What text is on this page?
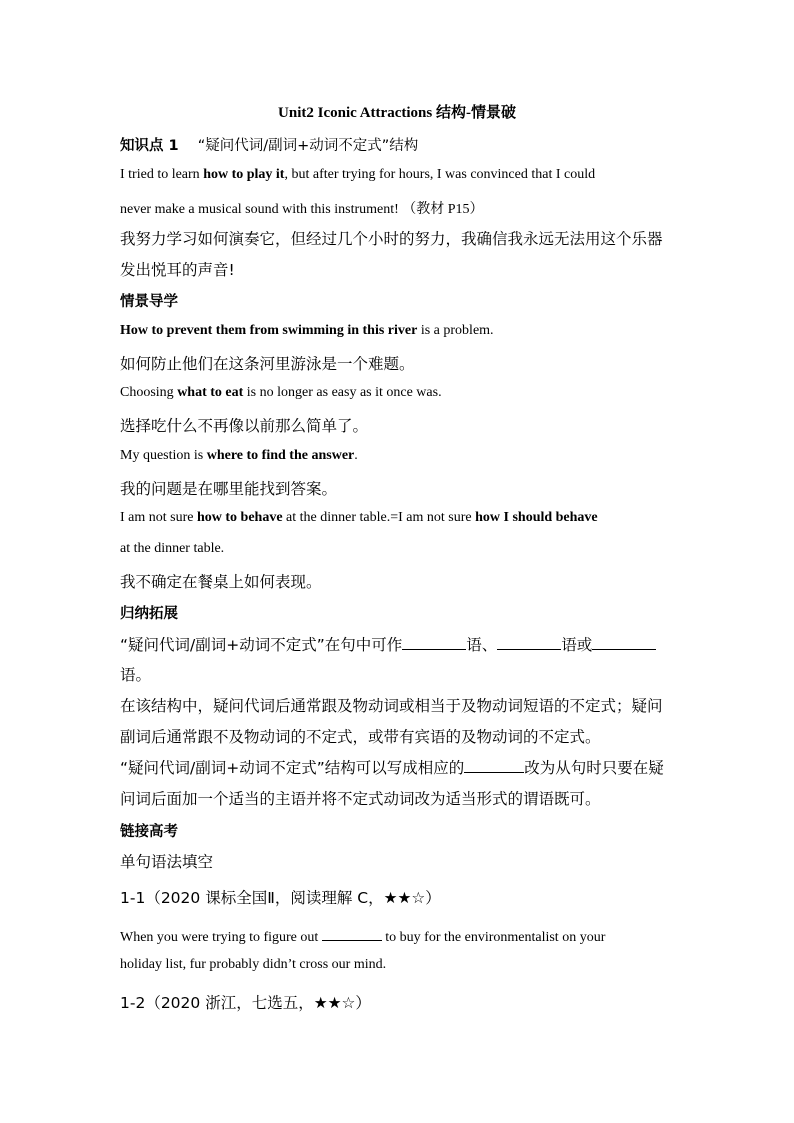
Unit2 Iconic Attractions 结构-情景破
知识点 1 “疑问代词/副词+动词不定式”结构
I tried to learn how to play it, but after trying for hours, I was convinced that I could
never make a musical sound with this instrument! （教材 P15）
我努力学习如何演奏它，但经过几个小时的努力，我确信我永远无法用这个乐器
发出悦耳的声音!
情景导学
How to prevent them from swimming in this river is a problem.
如何防止他们在这条河里游泳是一个难题。
Choosing what to eat is no longer as easy as it once was.
选择吃什么不再像以前那么简单了。
My question is where to find the answer.
我的问题是在哪里能找到答案。
I am not sure how to behave at the dinner table.=I am not sure how I should behave
at the dinner table.
我不确定在餐桌上如何表现。
归纳拓展
“疑问代词/副词+动词不定式”在句中可作	语、	语或
语。
在该结构中，疑问代词后通常跟及物动词或相当于及物动词短语的不定式；疑问
副词后通常跟不及物动词的不定式，或带有宾语的及物动词的不定式。
“疑问代词/副词+动词不定式”结构可以写成相应的	改为从句时只要在疑
问词后面加一个适当的主语并将不定式动词改为适当形式的谓语既可。
链接高考
单句语法填空
1-1（2020 课标全国Ⅱ，阅读理解 C，★★☆）
When you were trying to figure out	to buy for the environmentalist on your
holiday list, fur probably didn’t cross our mind.
1-2（2020 浙江，七选五，★★☆）
